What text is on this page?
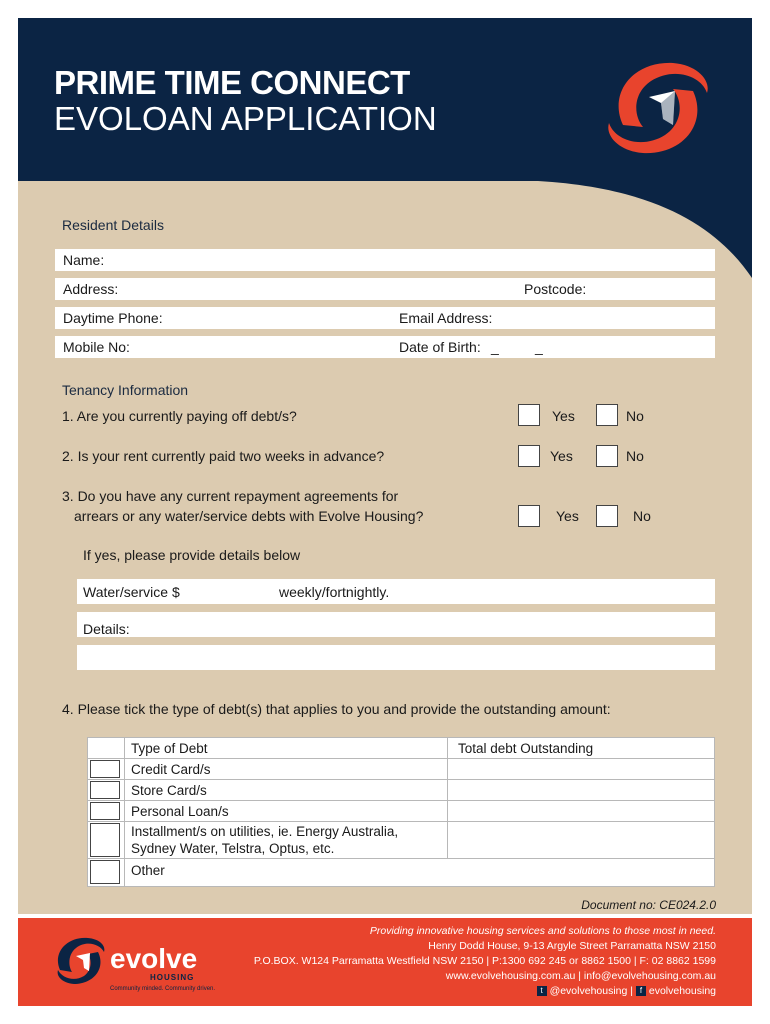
PRIME TIME CONNECT
EVOLOAN APPLICATION
Resident Details
Name:
Address:	Postcode:
Daytime Phone:	Email Address:
Mobile No:	Date of Birth: _	_
Tenancy Information
1. Are you currently paying off debt/s?	Yes	No
2. Is your rent currently paid two weeks in advance?	Yes	No
3. Do you have any current repayment agreements for
arrears or any water/service debts with Evolve Housing?	Yes	No
If yes, please provide details below
Water/service $	weekly/fortnightly.
Details:
4. Please tick the type of debt(s) that applies to you and provide the outstanding amount:
Type of Debt	Total debt Outstanding
Credit Card/s
Store Card/s
Personal Loan/s
Installment/s on utilities, ie. Energy Australia,
Sydney Water, Telstra, Optus, etc.
Other
Document no: CE024.2.0
evolve
HOUSING
Community minded. Community driven.
Providing innovative housing services and solutions to those most in need.
Henry Dodd House, 9-13 Argyle Street Parramatta NSW 2150
P.O.BOX. W124 Parramatta Westfield NSW 2150 | P:1300 692 245 or 8862 1500 | F: 02 8862 1599
www.evolvehousing.com.au | info@evolvehousing.com.au
t @evolvehousing | f evolvehousing
